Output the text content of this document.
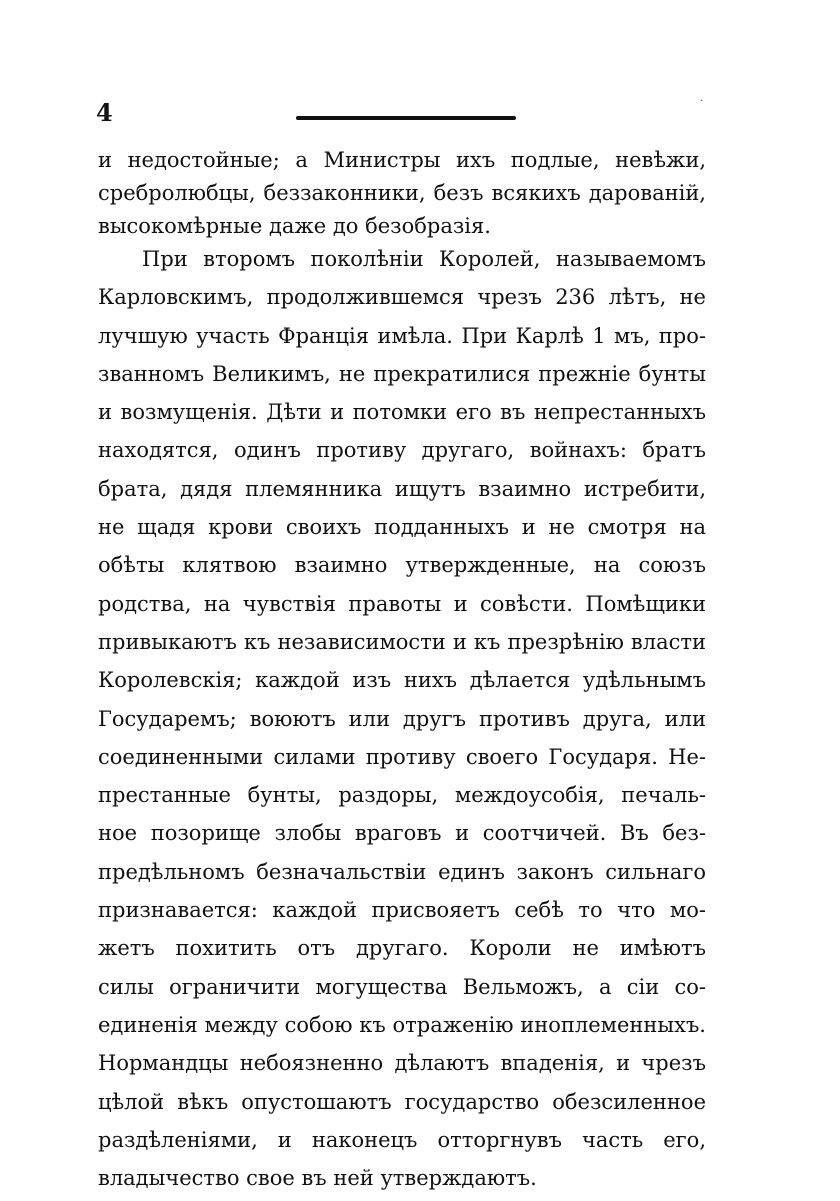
4	·
и недостойные; а Министры ихъ подлые, невѣжи,
сребролюбцы, беззаконники, безъ всякихъ дарованій,
высокомѣрные даже до безобразія.
При второмъ поколѣніи Королей, называемомъ
Карловскимъ, продолжившемся чрезъ 236 лѣтъ, не
лучшую участь Франція имѣла. При Карлѣ 1 мъ, про-
званномъ Великимъ, не прекратилися прежніе бунты
и возмущенія. Дѣти и потомки его въ непрестанныхъ
находятся, одинъ противу другаго, войнахъ: братъ
брата, дядя племянника ищутъ взаимно истребити,
не щадя крови своихъ подданныхъ и не смотря на
обѣты клятвою взаимно утвержденные, на союзъ
родства, на чувствія правоты и совѣсти. Помѣщики
привыкаютъ къ независимости и къ презрѣнію власти
Королевскія; каждой изъ нихъ дѣлается удѣльнымъ
Государемъ; воюютъ или другъ противъ друга, или
соединенными силами противу своего Государя. Не-
престанные бунты, раздоры, междоусобія, печаль-
ное позорище злобы враговъ и соотчичей. Въ без-
предѣльномъ безначальствіи единъ законъ сильнаго
признавается: каждой присвояетъ себѣ то что мо-
жетъ похитить отъ другаго. Короли не имѣютъ
силы ограничити могущества Вельможъ, а сіи со-
единенія между собою къ отраженію иноплеменныхъ.
Нормандцы небоязненно дѣлаютъ впаденія, и чрезъ
цѣлой вѣкъ опустошаютъ государство обезсиленное
раздѣленіями, и наконецъ отторгнувъ часть его,
владычество свое въ ней утверждаютъ.
